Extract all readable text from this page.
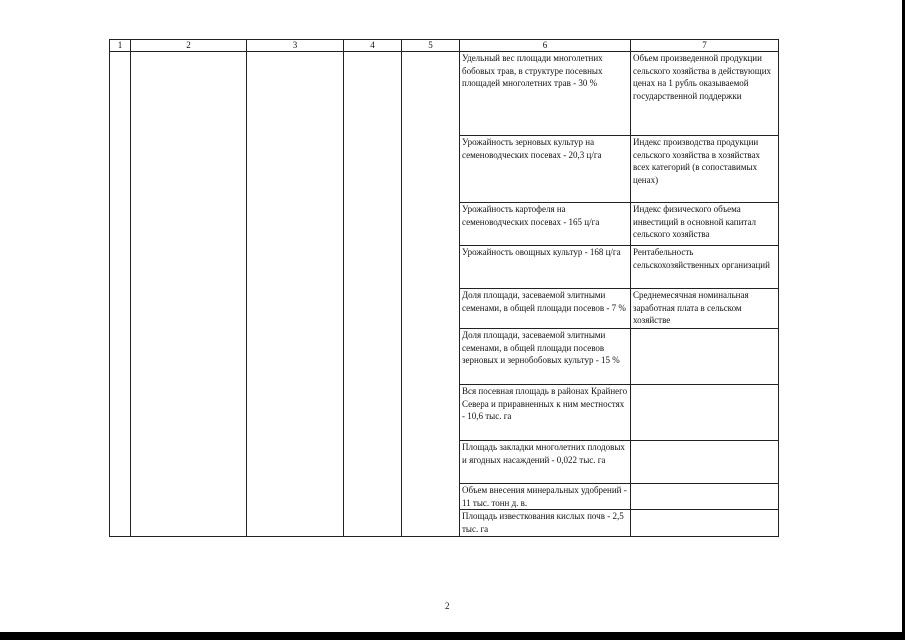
1	2	3	4	5	6	7
					Удельный вес площади многолетних бобовых трав, в структуре посевных площадей многолетних трав - 30 %	Объем произведенной продукции сельского хозяйства в действующих ценах на 1 рубль оказываемой государственной поддержки
					Урожайность зерновых культур на семеноводческих посевах - 20,3 ц/га	Индекс производства продукции сельского хозяйства в хозяйствах всех категорий (в сопоставимых ценах)
					Урожайность картофеля на семеноводческих посевах - 165 ц/га	Индекс физического объема инвестиций в основной капитал сельского хозяйства
					Урожайность овощных культур - 168 ц/га	Рентабельность сельскохозяйственных организаций
					Доля площади, засеваемой элитными семенами, в общей площади посевов - 7 %	Среднемесячная номинальная заработная плата в сельском хозяйстве
					Доля площади, засеваемой элитными семенами, в общей площади посевов зерновых и зернобобовых культур - 15 %	
					Вся посевная площадь в районах Крайнего Севера и приравненных к ним местностях - 10,6 тыс. га	
					Площадь закладки многолетних плодовых и ягодных насаждений - 0,022 тыс. га	
					Объем внесения минеральных удобрений - 11 тыс. тонн д. в.	
					Площадь известкования кислых почв - 2,5 тыс. га	
2
